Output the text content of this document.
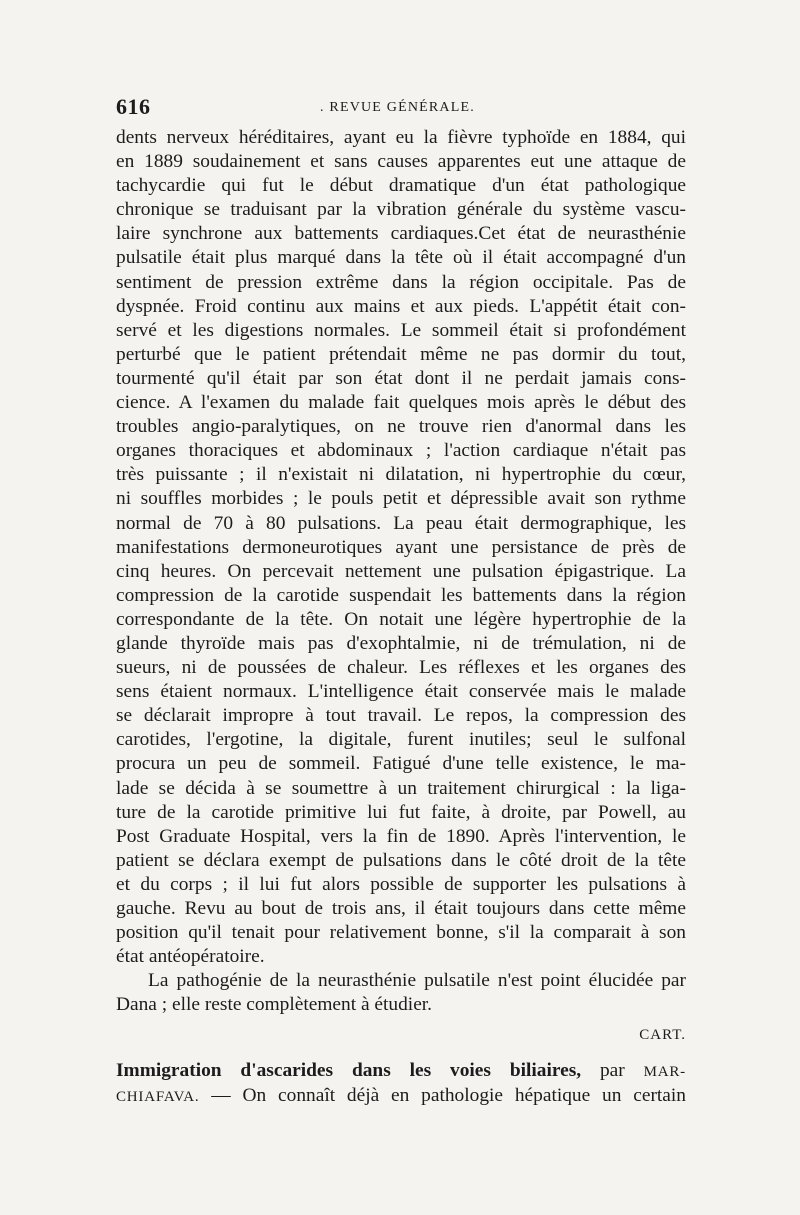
616	. REVUE GÉNÉRALE.
dents nerveux héréditaires, ayant eu la fièvre typhoïde en 1884, qui
en 1889 soudainement et sans causes apparentes eut une attaque de
tachycardie qui fut le début dramatique d'un état pathologique
chronique se traduisant par la vibration générale du système vascu-
laire synchrone aux battements cardiaques.Cet état de neurasthénie
pulsatile était plus marqué dans la tête où il était accompagné d'un
sentiment de pression extrême dans la région occipitale. Pas de
dyspnée. Froid continu aux mains et aux pieds. L'appétit était con-
servé et les digestions normales. Le sommeil était si profondément
perturbé que le patient prétendait même ne pas dormir du tout,
tourmenté qu'il était par son état dont il ne perdait jamais cons-
cience. A l'examen du malade fait quelques mois après le début des
troubles angio-paralytiques, on ne trouve rien d'anormal dans les
organes thoraciques et abdominaux ; l'action cardiaque n'était pas
très puissante ; il n'existait ni dilatation, ni hypertrophie du cœur,
ni souffles morbides ; le pouls petit et dépressible avait son rythme
normal de 70 à 80 pulsations. La peau était dermographique, les
manifestations dermoneurotiques ayant une persistance de près de
cinq heures. On percevait nettement une pulsation épigastrique. La
compression de la carotide suspendait les battements dans la région
correspondante de la tête. On notait une légère hypertrophie de la
glande thyroïde mais pas d'exophtalmie, ni de trémulation, ni de
sueurs, ni de poussées de chaleur. Les réflexes et les organes des
sens étaient normaux. L'intelligence était conservée mais le malade
se déclarait impropre à tout travail. Le repos, la compression des
carotides, l'ergotine, la digitale, furent inutiles; seul le sulfonal
procura un peu de sommeil. Fatigué d'une telle existence, le ma-
lade se décida à se soumettre à un traitement chirurgical : la liga-
ture de la carotide primitive lui fut faite, à droite, par Powell, au
Post Graduate Hospital, vers la fin de 1890. Après l'intervention, le
patient se déclara exempt de pulsations dans le côté droit de la tête
et du corps ; il lui fut alors possible de supporter les pulsations à
gauche. Revu au bout de trois ans, il était toujours dans cette même
position qu'il tenait pour relativement bonne, s'il la comparait à son
état antéopératoire.
La pathogénie de la neurasthénie pulsatile n'est point élucidée par
Dana ; elle reste complètement à étudier.
CART.
Immigration d'ascarides dans les voies biliaires, par MAR-
CHIAFAVA. — On connaît déjà en pathologie hépatique un certain
